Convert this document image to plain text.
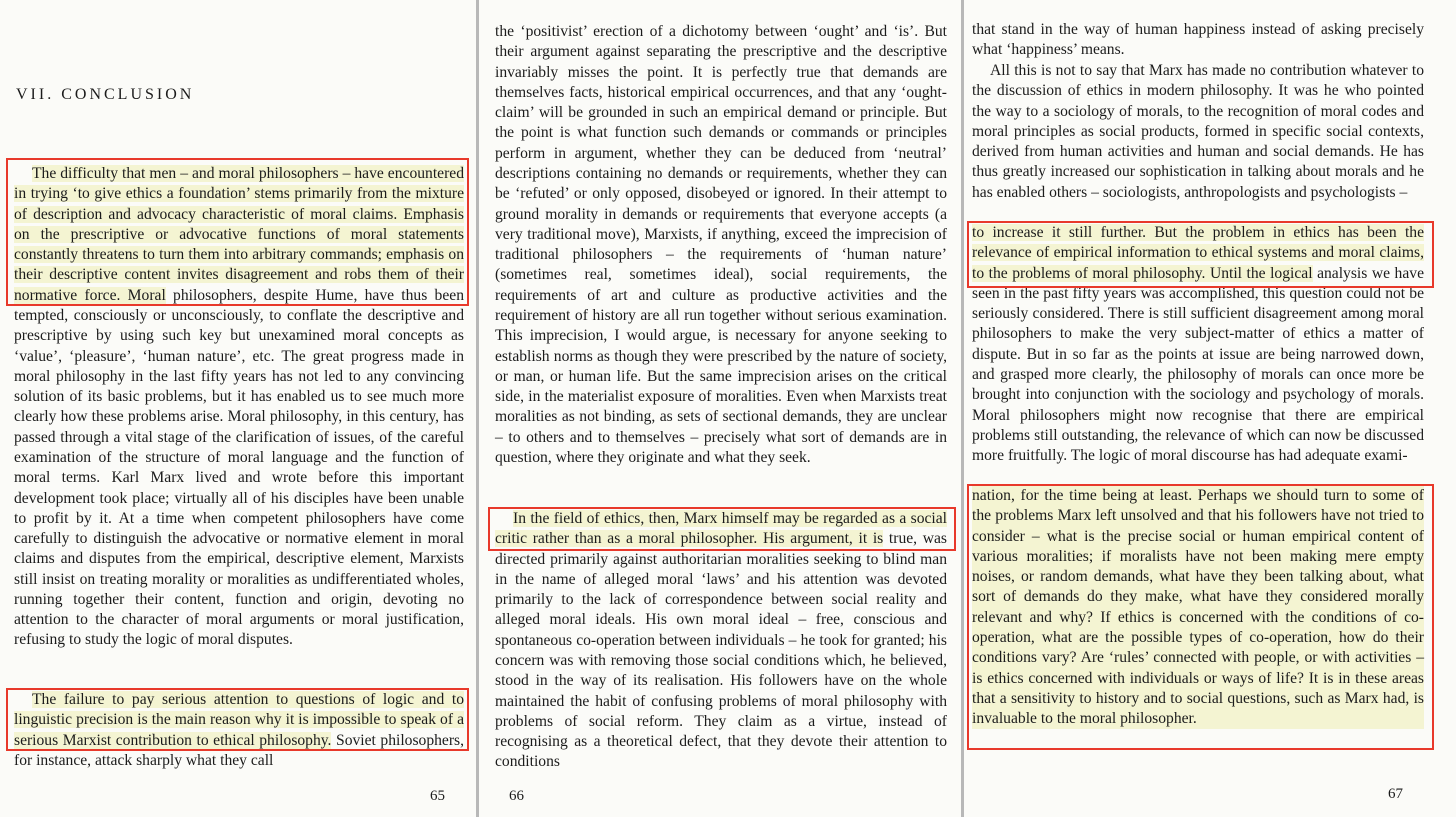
VII. CONCLUSION

The difficulty that men – and moral philosophers – have encountered in trying ‘to give ethics a foundation’ stems primarily from the mixture of description and advocacy characteristic of moral claims. Emphasis on the prescriptive or advocative functions of moral statements constantly threatens to turn them into arbitrary commands; emphasis on their descriptive content invites disagreement and robs them of their normative force. Moral philosophers, despite Hume, have thus been tempted, consciously or unconsciously, to conflate the descriptive and prescriptive by using such key but unexamined moral concepts as ‘value’, ‘pleasure’, ‘human nature’, etc. The great progress made in moral philosophy in the last fifty years has not led to any convincing solution of its basic problems, but it has enabled us to see much more clearly how these problems arise. Moral philosophy, in this century, has passed through a vital stage of the clarification of issues, of the careful examination of the structure of moral language and the function of moral terms. Karl Marx lived and wrote before this important development took place; virtually all of his disciples have been unable to profit by it. At a time when competent philosophers have come carefully to distinguish the advocative or normative element in moral claims and disputes from the empirical, descriptive element, Marxists still insist on treating morality or moralities as undifferentiated wholes, running together their content, function and origin, devoting no attention to the character of moral arguments or moral justification, refusing to study the logic of moral disputes.

The failure to pay serious attention to questions of logic and to linguistic precision is the main reason why it is impossible to speak of a serious Marxist contribution to ethical philosophy. Soviet philosophers, for instance, attack sharply what they call

65

the ‘positivist’ erection of a dichotomy between ‘ought’ and ‘is’. But their argument against separating the prescriptive and the descriptive invariably misses the point. It is perfectly true that demands are themselves facts, historical empirical occurrences, and that any ‘ought-claim’ will be grounded in such an empirical demand or principle. But the point is what function such demands or commands or principles perform in argument, whether they can be deduced from ‘neutral’ descriptions containing no demands or requirements, whether they can be ‘refuted’ or only opposed, disobeyed or ignored. In their attempt to ground morality in demands or requirements that everyone accepts (a very traditional move), Marxists, if anything, exceed the imprecision of traditional philosophers – the requirements of ‘human nature’ (sometimes real, sometimes ideal), social requirements, the requirements of art and culture as productive activities and the requirement of history are all run together without serious examination. This imprecision, I would argue, is necessary for anyone seeking to establish norms as though they were prescribed by the nature of society, or man, or human life. But the same imprecision arises on the critical side, in the materialist exposure of moralities. Even when Marxists treat moralities as not binding, as sets of sectional demands, they are unclear – to others and to themselves – precisely what sort of demands are in question, where they originate and what they seek.

In the field of ethics, then, Marx himself may be regarded as a social critic rather than as a moral philosopher. His argument, it is true, was directed primarily against authoritarian moralities seeking to blind man in the name of alleged moral ‘laws’ and his attention was devoted primarily to the lack of correspondence between social reality and alleged moral ideals. His own moral ideal – free, conscious and spontaneous co-operation between individuals – he took for granted; his concern was with removing those social conditions which, he believed, stood in the way of its realisation. His followers have on the whole maintained the habit of confusing problems of moral philosophy with problems of social reform. They claim as a virtue, instead of recognising as a theoretical defect, that they devote their attention to conditions

66

that stand in the way of human happiness instead of asking precisely what ‘happiness’ means.

All this is not to say that Marx has made no contribution whatever to the discussion of ethics in modern philosophy. It was he who pointed the way to a sociology of morals, to the recognition of moral codes and moral principles as social products, formed in specific social contexts, derived from human activities and human and social demands. He has thus greatly increased our sophistication in talking about morals and he has enabled others – sociologists, anthropologists and psychologists –

to increase it still further. But the problem in ethics has been the relevance of empirical information to ethical systems and moral claims, to the problems of moral philosophy. Until the logical analysis we have seen in the past fifty years was accomplished, this question could not be seriously considered. There is still sufficient disagreement among moral philosophers to make the very subject-matter of ethics a matter of dispute. But in so far as the points at issue are being narrowed down, and grasped more clearly, the philosophy of morals can once more be brought into conjunction with the sociology and psychology of morals. Moral philosophers might now recognise that there are empirical problems still outstanding, the relevance of which can now be discussed more fruitfully. The logic of moral discourse has had adequate exami-

nation, for the time being at least. Perhaps we should turn to some of the problems Marx left unsolved and that his followers have not tried to consider – what is the precise social or human empirical content of various moralities; if moralists have not been making mere empty noises, or random demands, what have they been talking about, what sort of demands do they make, what have they considered morally relevant and why? If ethics is concerned with the conditions of co-operation, what are the possible types of co-operation, how do their conditions vary? Are ‘rules’ connected with people, or with activities – is ethics concerned with individuals or ways of life? It is in these areas that a sensitivity to history and to social questions, such as Marx had, is invaluable to the moral philosopher.

67
